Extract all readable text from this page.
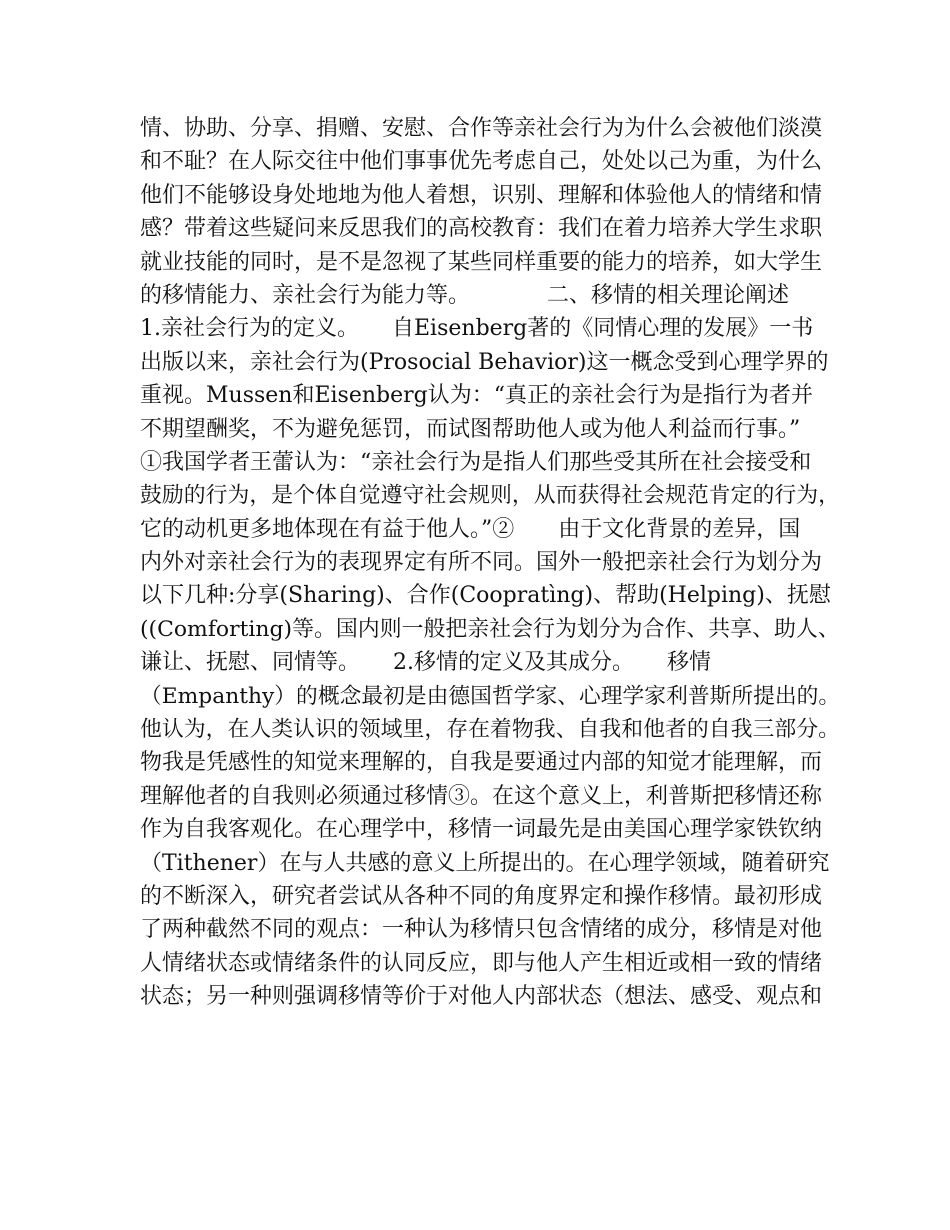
情、协助、分享、捐赠、安慰、合作等亲社会行为为什么会被他们淡漠
和不耻？在人际交往中他们事事优先考虑自己，处处以己为重，为什么
他们不能够设身处地地为他人着想，识别、理解和体验他人的情绪和情
感？带着这些疑问来反思我们的高校教育：我们在着力培养大学生求职
就业技能的同时，是不是忽视了某些同样重要的能力的培养，如大学生
的移情能力、亲社会行为能力等。　　　　二、移情的相关理论阐述
1.亲社会行为的定义。　　自Eisenberg著的《同情心理的发展》一书
出版以来，亲社会行为(Prosocial Behavior)这一概念受到心理学界的
重视。Mussen和Eisenberg认为：“真正的亲社会行为是指行为者并
不期望酬奖，不为避免惩罚，而试图帮助他人或为他人利益而行事。”
①我国学者王蕾认为：“亲社会行为是指人们那些受其所在社会接受和
鼓励的行为，是个体自觉遵守社会规则，从而获得社会规范肯定的行为，
它的动机更多地体现在有益于他人。”②　　由于文化背景的差异，国
内外对亲社会行为的表现界定有所不同。国外一般把亲社会行为划分为
以下几种:分享(Sharing)、合作(Coopratìng)、帮助(Helping)、抚慰
((Comforting)等。国内则一般把亲社会行为划分为合作、共享、助人、
谦让、抚慰、同情等。　　2.移情的定义及其成分。　　移情
（Empanthy）的概念最初是由德国哲学家、心理学家利普斯所提出的。
他认为，在人类认识的领域里，存在着物我、自我和他者的自我三部分。
物我是凭感性的知觉来理解的，自我是要通过内部的知觉才能理解，而
理解他者的自我则必须通过移情③。在这个意义上，利普斯把移情还称
作为自我客观化。在心理学中，移情一词最先是由美国心理学家铁钦纳
（Tithener）在与人共感的意义上所提出的。在心理学领域，随着研究
的不断深入，研究者尝试从各种不同的角度界定和操作移情。最初形成
了两种截然不同的观点：一种认为移情只包含情绪的成分，移情是对他
人情绪状态或情绪条件的认同反应，即与他人产生相近或相一致的情绪
状态；另一种则强调移情等价于对他人内部状态（想法、感受、观点和
